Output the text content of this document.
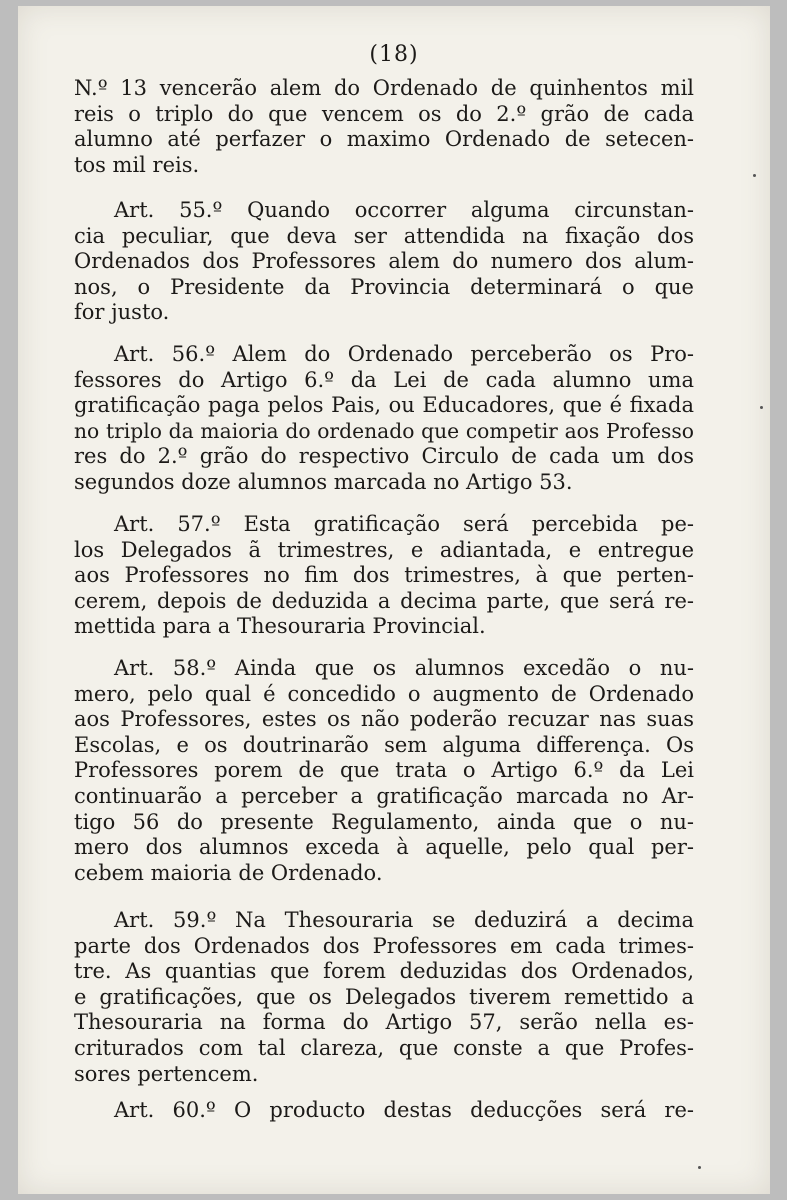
(18)

N.º 13 vencerão alem do Ordenado de quinhentos mil
reis o triplo do que vencem os do 2.º grão de cada
alumno até perfazer o maximo Ordenado de setecen-
tos mil reis.

Art. 55.º Quando occorrer alguma circunstan-
cia peculiar, que deva ser attendida na fixação dos
Ordenados dos Professores alem do numero dos alum-
nos, o Presidente da Provincia determinará o que
for justo.

Art. 56.º Alem do Ordenado perceberão os Pro-
fessores do Artigo 6.º da Lei de cada alumno uma
gratificação paga pelos Pais, ou Educadores, que é fixada
no triplo da maioria do ordenado que competir aos Professo
res do 2.º grão do respectivo Circulo de cada um dos
segundos doze alumnos marcada no Artigo 53.

Art. 57.º Esta gratificação será percebida pe-
los Delegados ã trimestres, e adiantada, e entregue
aos Professores no fim dos trimestres, à que perten-
cerem, depois de deduzida a decima parte, que será re-
mettida para a Thesouraria Provincial.

Art. 58.º Ainda que os alumnos excedão o nu-
mero, pelo qual é concedido o augmento de Ordenado
aos Professores, estes os não poderão recuzar nas suas
Escolas, e os doutrinarão sem alguma differença. Os
Professores porem de que trata o Artigo 6.º da Lei
continuarão a perceber a gratificação marcada no Ar-
tigo 56 do presente Regulamento, ainda que o nu-
mero dos alumnos exceda à aquelle, pelo qual per-
cebem maioria de Ordenado.

Art. 59.º Na Thesouraria se deduzirá a decima
parte dos Ordenados dos Professores em cada trimes-
tre. As quantias que forem deduzidas dos Ordenados,
e gratificações, que os Delegados tiverem remettido a
Thesouraria na forma do Artigo 57, serão nella es-
criturados com tal clareza, que conste a que Profes-
sores pertencem.

Art. 60.º O producto destas deducções será re-
